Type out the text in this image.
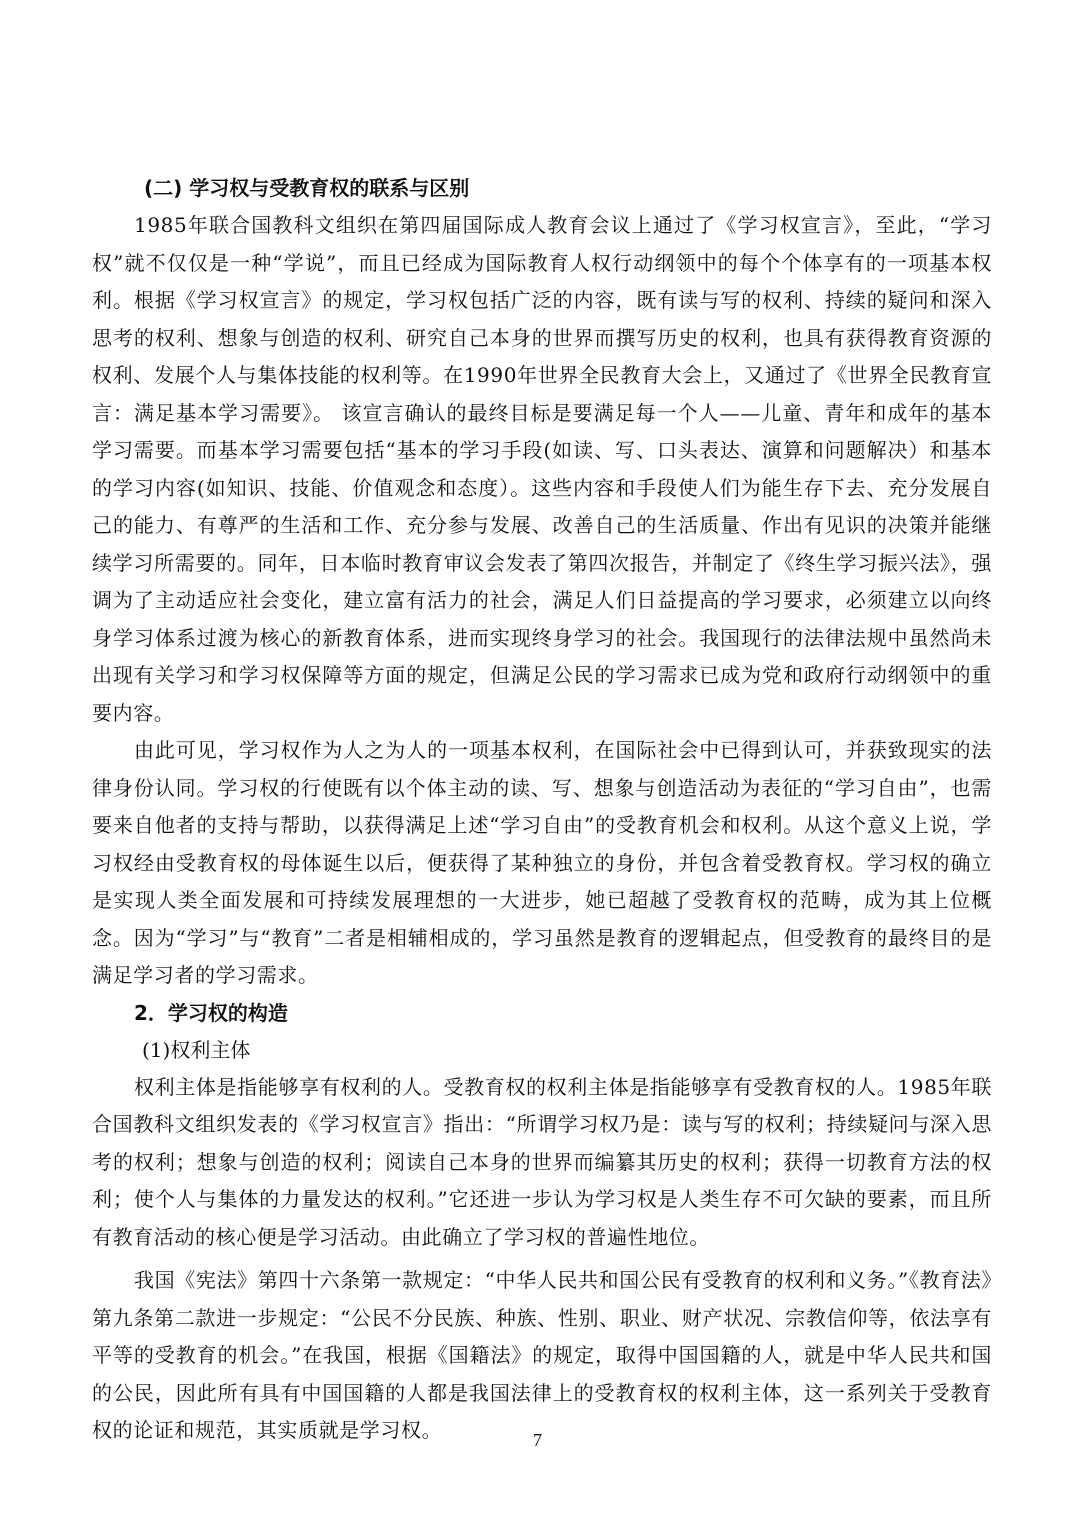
(二) 学习权与受教育权的联系与区别

1985年联合国教科文组织在第四届国际成人教育会议上通过了《学习权宣言》，至此，“学习权”就不仅仅是一种“学说”，而且已经成为国际教育人权行动纲领中的每个个体享有的一项基本权利。根据《学习权宣言》的规定，学习权包括广泛的内容，既有读与写的权利、持续的疑问和深入思考的权利、想象与创造的权利、研究自己本身的世界而撰写历史的权利，也具有获得教育资源的权利、发展个人与集体技能的权利等。在1990年世界全民教育大会上，又通过了《世界全民教育宣言：满足基本学习需要》。 该宣言确认的最终目标是要满足每一个人——儿童、青年和成年的基本学习需要。而基本学习需要包括“基本的学习手段(如读、写、口头表达、演算和问题解决）和基本的学习内容(如知识、技能、价值观念和态度）。这些内容和手段使人们为能生存下去、充分发展自己的能力、有尊严的生活和工作、充分参与发展、改善自己的生活质量、作出有见识的决策并能继续学习所需要的。同年，日本临时教育审议会发表了第四次报告，并制定了《终生学习振兴法》，强调为了主动适应社会变化，建立富有活力的社会，满足人们日益提高的学习要求，必须建立以向终身学习体系过渡为核心的新教育体系，进而实现终身学习的社会。我国现行的法律法规中虽然尚未出现有关学习和学习权保障等方面的规定，但满足公民的学习需求已成为党和政府行动纲领中的重要内容。

由此可见，学习权作为人之为人的一项基本权利，在国际社会中已得到认可，并获致现实的法律身份认同。学习权的行使既有以个体主动的读、写、想象与创造活动为表征的“学习自由”，也需要来自他者的支持与帮助，以获得满足上述“学习自由”的受教育机会和权利。从这个意义上说，学习权经由受教育权的母体诞生以后，便获得了某种独立的身份，并包含着受教育权。学习权的确立是实现人类全面发展和可持续发展理想的一大进步，她已超越了受教育权的范畴，成为其上位概念。因为“学习”与“教育”二者是相辅相成的，学习虽然是教育的逻辑起点，但受教育的最终目的是满足学习者的学习需求。

2．学习权的构造

(1)权利主体

权利主体是指能够享有权利的人。受教育权的权利主体是指能够享有受教育权的人。1985年联合国教科文组织发表的《学习权宣言》指出：“所谓学习权乃是：读与写的权利；持续疑问与深入思考的权利；想象与创造的权利；阅读自己本身的世界而编纂其历史的权利；获得一切教育方法的权利；使个人与集体的力量发达的权利。”它还进一步认为学习权是人类生存不可欠缺的要素，而且所有教育活动的核心便是学习活动。由此确立了学习权的普遍性地位。

我国《宪法》第四十六条第一款规定：“中华人民共和国公民有受教育的权利和义务。”《教育法》第九条第二款进一步规定：“公民不分民族、种族、性别、职业、财产状况、宗教信仰等，依法享有平等的受教育的机会。”在我国，根据《国籍法》的规定，取得中国国籍的人，就是中华人民共和国的公民，因此所有具有中国国籍的人都是我国法律上的受教育权的权利主体，这一系列关于受教育权的论证和规范，其实质就是学习权。	7
